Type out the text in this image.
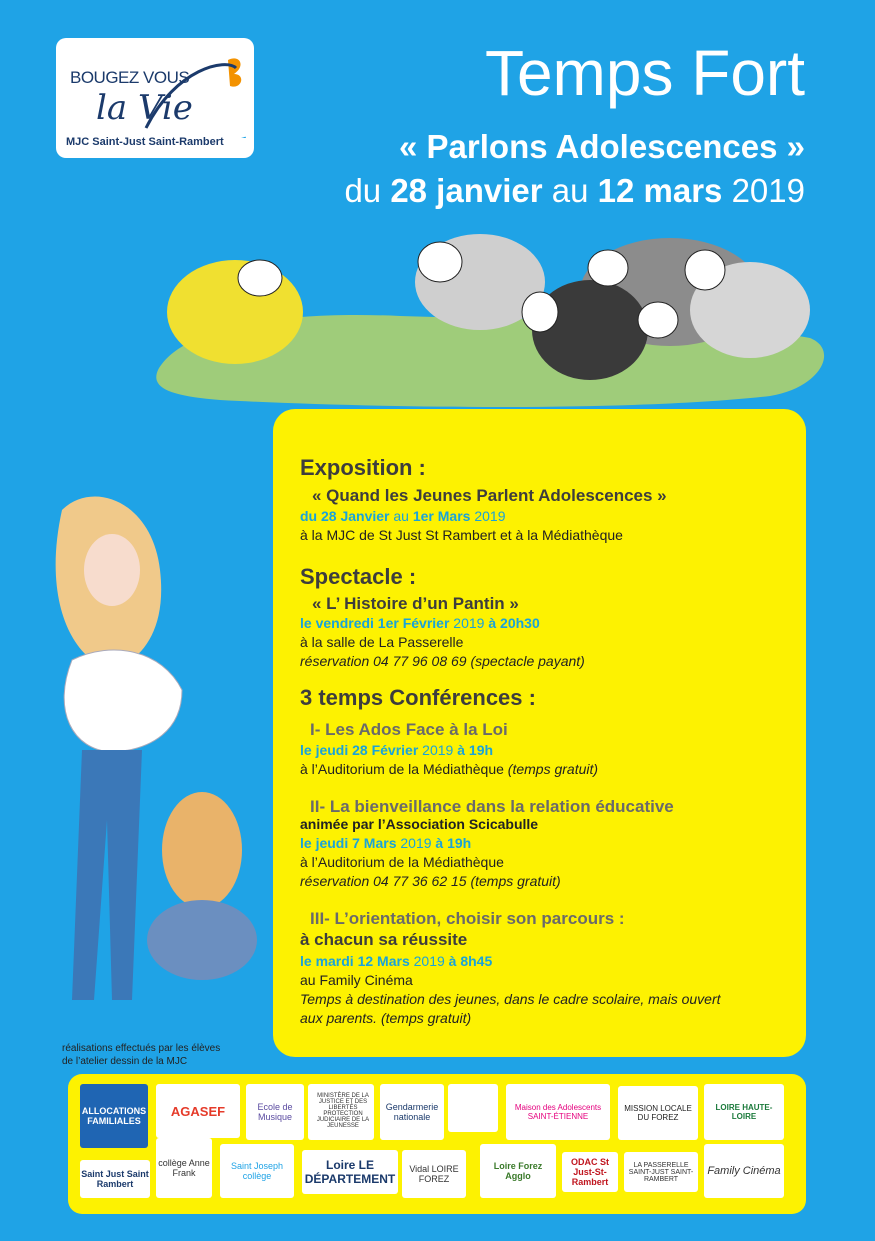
BOUGEZ VOUS
la Vie
MJC Saint-Just Saint-Rambert
Temps Fort
« Parlons Adolescences »
du 28 janvier au 12 mars 2019
réalisations effectués par les élèves
de l’atelier dessin de la MJC
Exposition :
« Quand les Jeunes Parlent Adolescences »
du 28 Janvier au 1er Mars 2019
à la MJC de St Just St Rambert et à la Médiathèque
Spectacle :
« L’ Histoire d’un Pantin »
le vendredi 1er Février 2019 à 20h30
à la salle de La Passerelle
réservation 04 77 96 08 69 (spectacle payant)
3 temps Conférences :
I- Les Ados Face à la Loi
le jeudi 28 Février 2019 à 19h
à l’Auditorium de la Médiathèque (temps gratuit)
II- La bienveillance dans la relation éducative
animée par l’Association Scicabulle
le jeudi 7 Mars 2019 à 19h
à l’Auditorium de la Médiathèque
réservation 04 77 36 62 15 (temps gratuit)
III- L’orientation, choisir son parcours :
à chacun sa réussite
le mardi 12 Mars 2019 à 8h45
au Family Cinéma
Temps à destination des jeunes, dans le cadre scolaire, mais ouvert
aux parents. (temps gratuit)
ALLOCATIONS FAMILIALES
AGASEF	Ecole de Musique
MINISTÈRE DE LA JUSTICE ET DES LIBERTÉS PROTECTION JUDICIAIRE DE LA JEUNESSE
Gendarmerie nationale
Maison des Adolescents SAINT-ÉTIENNE
MISSION LOCALE DU FOREZ
LOIRE HAUTE-LOIRE
Saint Just Saint Rambert
collège Anne Frank
Saint Joseph collège
Loire LE DÉPARTEMENT
Vidal LOIRE FOREZ
Loire Forez Agglo
ODAC St Just-St-Rambert
LA PASSERELLE SAINT-JUST SAINT-RAMBERT
Family Cinéma
